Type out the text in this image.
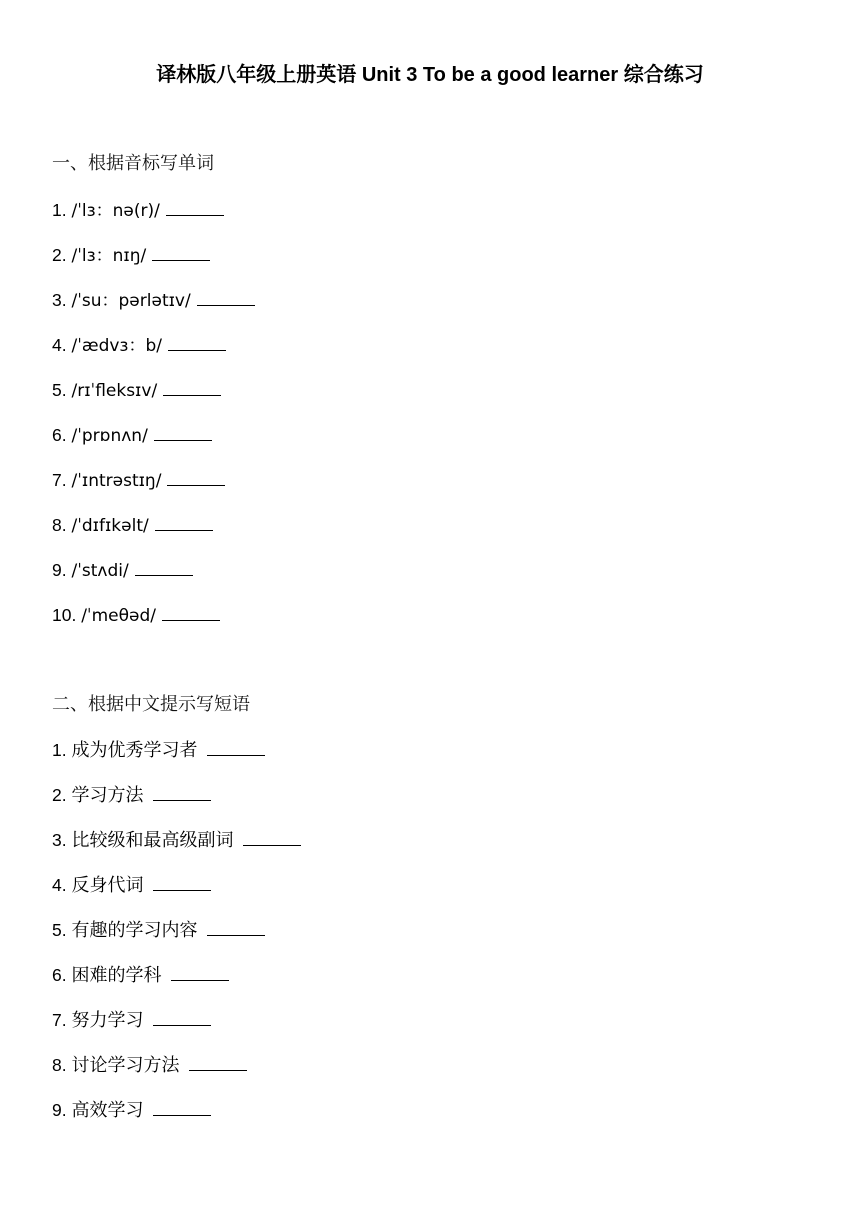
译林版八年级上册英语 Unit 3 To be a good learner 综合练习
一、根据音标写单词
1. /ˈlɜ：nə(r)/
2. /ˈlɜ：nɪŋ/
3. /ˈsu：pərlətɪv/
4. /ˈædvɜ：b/
5. /rɪˈfleksɪv/
6. /ˈprɒnʌn/
7. /ˈɪntrəstɪŋ/
8. /ˈdɪfɪkəlt/
9. /ˈstʌdi/
10. /ˈmeθəd/
二、根据中文提示写短语
1. 成为优秀学习者
2. 学习方法
3. 比较级和最高级副词
4. 反身代词
5. 有趣的学习内容
6. 困难的学科
7. 努力学习
8. 讨论学习方法
9. 高效学习
